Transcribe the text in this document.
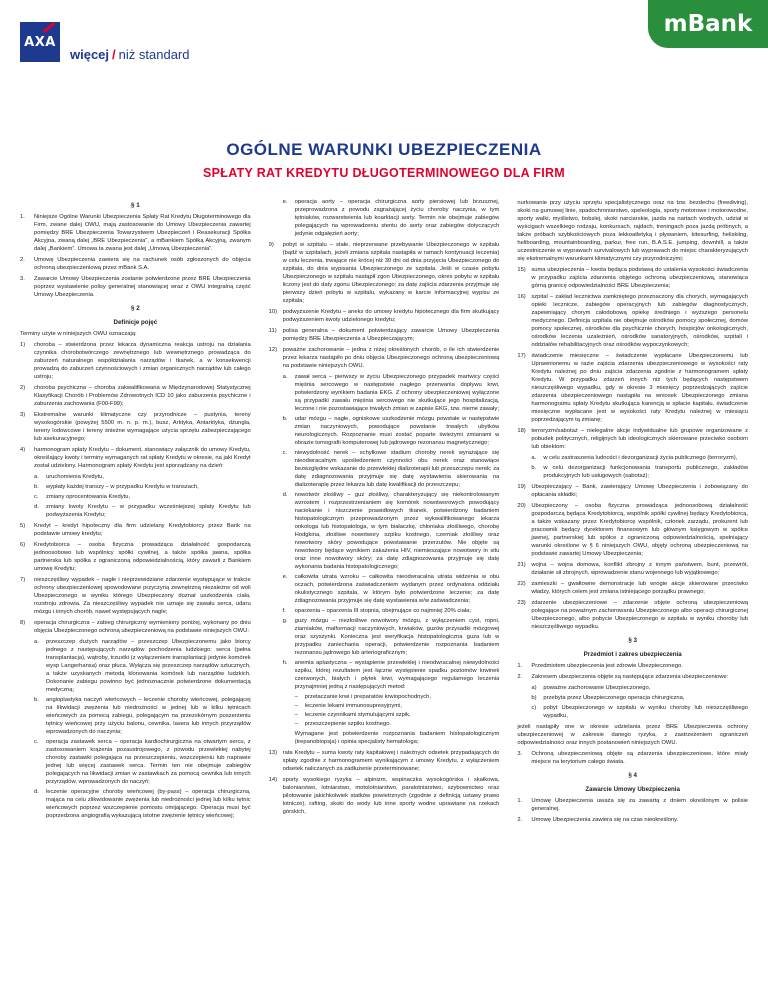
AXA
więcej / niż standard
mBank
OGÓLNE WARUNKI UBEZPIECZENIA
SPŁATY RAT KREDYTU DŁUGOTERMINOWEGO DLA FIRM
§ 1
1. Niniejsze Ogólne Warunki Ubezpieczenia Spłaty Rat Kredytu Długoterminowego dla Firm, zwane dalej OWU, mają zastosowanie do Umowy Ubezpieczenia zawartej pomiędzy BRE Ubezpieczenia Towarzystwem Ubezpieczeń i Reasekuracji Spółka Akcyjna, zwaną dalej „BRE Ubezpieczenia”, a mBankiem Spółką Akcyjną, zwanym dalej „Bankiem”. Umowa ta zwana jest dalej „Umową Ubezpieczenia”.
2. Umowę Ubezpieczenia zawiera się na rachunek osób zgłoszonych do objęcia ochroną ubezpieczeniową przez mBank S.A.
3. Zawarcie Umowy Ubezpieczenia zostanie potwierdzone przez BRE Ubezpieczenia poprzez wystawienie polisy generalnej stanowiącej wraz z OWU integralną część Umowy Ubezpieczenia.
§ 2
Definicje pojęć
Terminy użyte w niniejszych OWU oznaczają:
1) choroba – stwierdzona przez lekarza dynamiczna reakcja ustroju na działania czynnika chorobotwórczego zewnętrznego lub wewnętrznego prowadząca do zaburzeń naturalnego współdziałania narządów i tkanek, a w konsekwencji prowadzą do zaburzeń czynnościowych i zmian organicznych narządów lub całego ustroju;
2) choroba psychiczna – choroba zakwalifikowana w Międzynarodowej Statystycznej Klasyfikacji Chorób i Problemów Zdrowotnych ICD 10 jako zaburzenia psychiczne i zaburzenia zachowania (F00-F99);
3) Ekstremalne warunki klimatyczne czy przyrodnicze – pustynia, tereny wysokogórskie (powyżej 5500 m. n. p. m.), busz, Arktyka, Antarktyka, dżungla, tereny lodowcowe i tereny śnieżne wymagające użycia sprzętu zabezpieczającego lub asekuracyjnego;
4) harmonogram spłaty Kredytu – dokument, stanowiący załącznik do umowy Kredytu, określający kwoty i terminy wymaganych rat spłaty Kredytu w okresie, na jaki Kredyt został udzielony. Harmonogram spłaty Kredytu jest sporządzany na dzień:
a. uruchomienia Kredytu,
b. wypłaty każdej transzy – w przypadku Kredytu w transzach,
c. zmiany oprocentowania Kredytu,
d. zmiany kwoty Kredytu – w przypadku wcześniejszej spłaty Kredytu lub podwyższenia Kredytu;
5) Kredyt – kredyt hipoteczny dla firm udzielany Kredytobiorcy przez Bank na podstawie umowy kredytu;
6) Kredytobiorca – osoba fizyczna prowadząca działalność gospodarczą jednoosobowo lub wspólnicy spółki cywilnej, a także spółka jawna, spółka partnerska lub spółka z ograniczoną odpowiedzialnością, który zawarli z Bankiem umowę Kredytu;
7) nieszczęśliwy wypadek – nagłe i nieprzewidziane zdarzenie występujące w trakcie ochrony ubezpieczeniowej spowodowane przyczyną zewnętrzną niezależne od woli Ubezpieczonego w wyniku którego Ubezpieczony doznał uszkodzenia ciała, rozstroju zdrowia. Za nieszczęśliwy wypadek nie uznaje się zawału serca, udaru mózgu i innych chorób, nawet występujących nagle;
8) operacja chirurgiczna – zabieg chirurgiczny wymieniony poniżej, wykonany po dniu objęcia Ubezpieczonego ochroną ubezpieczeniową na podstawie niniejszych OWU:
a. przeszczep dużych narządów – przeszczep Ubezpieczonemu jako biorcy jednego z następujących narządów pochodzenia ludzkiego: serca (pełna transplantacja), wątroby, trzustki (z wyłączeniem transplantacji jedynie komórek wysp Langerhansa) oraz płuca. Wyłącza się przeszczep narządów sztucznych, a także uzyskanych metodą klonowania komórek lub narządów ludzkich. Dokonanie zabiegu powinno być jednoznacznie potwierdzone dokumentacją medyczną;
b. angioplastyka naczyń wieńcowych – leczenie choroby wieńcowej, polegającej na likwidacji zwężenia lub niedrożności w jednej lub w kilku tętnicach wieńcowych za pomocą zabiegu, polegającym na przezskórnym poszerzeniu tętnicy wieńcowej przy użyciu balonu, cewnika, lasera lub innych przyrządów wprowadzonych do naczynia;
c. operacja zastawek serca – operacja kardiochirurgiczna na otwartym sercu, z zastosowaniem krążenia pozaustrojowego, z powodu przewlekłej nabytej choroby zastawki polegająca na przeszczepieniu, wszczepieniu lub naprawie jednej lub więcej zastawek serca. Termin ten nie obejmuje zabiegów polegających na likwidacji zmian w zastawkach za pomocą cewnika lub innych przyrządów, wprowadzonych do naczyń;
d. leczenie operacyjne choroby wieńcowej (by-pass) – operacja chirurgiczna, mająca na celu zlikwidowanie zwężenia lub niedrożności jednej lub kilku tętnic wieńcowych poprzez wszczepienie pomostu omijającego. Operacja musi być poprzedzona angiografią wykazującą istotne zwężenie tętnicy wieńcowej;
e. operacja aorty – operacja chirurgiczna aorty piersiowej lub brzusznej, przeprowadzona z powodu zagrażającej życiu choroby naczynia, w tym tętniaków, rozwarstwienia lub koarktacji aorty. Termin nie obejmuje zabiegów polegających na wprowadzeniu stentu do aorty oraz zabiegów dotyczących jedynie odgałęzień aorty;
9) pobyt w szpitalu – stałe, nieprzerwane przebywanie Ubezpieczonego w szpitalu (bądź w szpitalach, jeżeli zmiana szpitala nastąpiła w ramach kontynuacji leczenia) w celu leczenia, trwające nie krócej niż 30 dni od dnia przyjęcia Ubezpieczonego do szpitala, do dnia wypisania Ubezpieczonego ze szpitala. Jeśli w czasie pobytu Ubezpieczonego w szpitalu nastąpił zgon Ubezpieczonego, okres pobytu w szpitalu liczony jest do daty zgonu Ubezpieczonego; za datę zajścia zdarzenia przyjmuje się pierwszy dzień pobytu w szpitalu, wykazany w karcie informacyjnej wypisu ze szpitala;
10) podwyższenie Kredytu – aneks do umowy kredytu hipotecznego dla firm skutkujący podwyższeniem kwoty udzielonego kredytu;
11) polisa generalna – dokument potwierdzający zawarcie Umowy Ubezpieczenia pomiędzy BRE Ubezpieczenia a Ubezpieczającym;
12) poważne zachorowanie – jedna z niżej określonych chorób, o ile ich stwierdzenie przez lekarza nastąpiło po dniu objęcia Ubezpieczonego ochroną ubezpieczeniową na podstawie niniejszych OWU.
a. zawał serca – pierwszy w życiu Ubezpieczonego przypadek martwicy części mięśnia sercowego w następstwie nagłego przerwania dopływu krwi, potwierdzony wynikiem badania EKG. Z ochrony ubezpieczeniowej wyłączone są przypadki zawału mięśnia sercowego nie skutkujące jego hospitalizacją, leczone i nie pozostawiające trwałych zmian w zapisie EKG, tzw. nieme zawały;
b. udar mózgu – nagłe, ogniskowe uszkodzenie mózgu powstałe w następstwie zmian naczyniowych, powodujące powstanie trwałych ubytków neurologicznych. Rozpoznanie musi zostać poparte świeżymi zmianami w obrazie tomografii komputerowej lub jądrowego rezonansu magnetycznego;
c. niewydolność nerek – schyłkowe stadium choroby nerek wyrażające się nieodwracalnym upośledzeniem czynności obu nerek oraz stanowiące bezwzględne wskazanie do przewlekłej dializoterapii lub przeszczepu nerek; za datę zdiagnozowania przyjmuje się datę wystawienia skierowania na dializoterapię przez lekarza lub datę kwalifikacji do przeszczepu;
d. nowotwór złośliwy – guz złośliwy, charakteryzujący się niekontrolowanym wzrostem i rozprzestrzenianiem się komórek nowotworowych powodujący naciekanie i niszczenie prawidłowych tkanek, potwierdzony badaniem histopatologicznym przeprowadzonym przez wykwalifikowanego lekarza onkologa lub histopatologa, w tym białaczkę, chłoniaka złośliwego, chorobę Hodgkina, złośliwe nowotwory szpiku kostnego, czerniak złośliwy oraz nowotwory skóry powodujące powstawanie przerzutów. Nie objęte są nowotwory będące wynikiem zakażenia HIV, niemieszające nowotwory in situ oraz inne nowotwory skóry; za datę zdiagnozowania przyjmuje się datę wykonania badania histopatologicznego;
e. całkowita utrata wzroku – całkowita nieodwracalna utrata widzenia w obu oczach, potwierdzona zaświadczeniem wydanym przez ordynatora oddziału okulistycznego szpitala, w którym było potwierdzone leczenie; za datę zdiagnozowania przyjmuje się datę wystawienia w/w zaświadczenia;
f. oparzenia – oparzenia III stopnia, obejmujące co najmniej 20% ciała;
g. guzy mózgu – niezłośliwe nowotwory mózgu, z wyłączeniem cyst, ropni, ziarniaków, malformacji naczyniowych, krwiaków, guzów przysadki mózgowej oraz szyszynki. Konieczna jest weryfikacja histopatologiczna guza lub w przypadku zaniechania operacji, potwierdzenie rozpoznania badaniem rezonansu jądrowego lub arteriograficznym;
h. anemia aplastyczna – wystąpienie przewlekłej i nieodwracalnej niewydolności szpiku, której rezultatem jest łączne występienie spadku poziomów krwinek czerwonych, białych i płytek krwi, wymagającego regularnego leczenia przynajmniej jedną z następujących metod:
– przetaczanie krwi i preparatów krwiopochodnych,
– leczenie lekami immunosupresyjnymi,
– leczenie czynnikami stymulującymi szpik,
– przeszczepienie szpiku kostnego.
Wymagane jest potwierdzenie rozpoznania badaniem histopatologicznym (trepanobiopsja) i opinia specjalisty hematologa;
13) rata Kredytu – suma kwoty raty kapitałowej i należnych odsetek przypadających do spłaty zgodnie z harmonogramem wynikającym z umowy Kredytu, z wyłączeniem odsetek naliczanych za zadłużenie przeterminowane;
14) sporty wysokiego ryzyka – alpinizm, wspinaczka wysokogórska i skałkowa, baloniarstwo, lotniarstwo, motolotniarstwo, paralotniarstwo, szybownictwo oraz pilotowanie jakichkolwiek statków powietrznych (zgodnie z definicją ustawy prawo lotnicze), rafting, skoki do wody lub inne sporty wodne uprawiane na rzekach górskich,
nurkowanie przy użyciu sprzętu specjalistycznego oraz na tzw. bezdechu (freediving), skoki na gumowej linie, spadochroniarstwo, speleologia, sporty motorowe i motorowodne, sporty walki, myślistwo, bobslej, skoki narciarskie, jazda na nartach wodnych, udział w wyścigach wszelkiego rodzaju, konkursach, rajdach, treningach poza jazdą próbnych, a także próbach szybkościowych poza lekkoatletyką i pływaniem, kitesurfing, heliskiing, heliboarding, mountainboarding, parkur, free run, B.A.S.E. jumping, downhill, a także uczestniczenie w wyprawach survivalowych lub wyprawach do miejsc charakteryzujących się ekstremalnymi warunkami klimatycznymi czy przyrodniczymi;
15) suma ubezpieczenia – kwota będąca podstawą do ustalenia wysokości świadczenia w przypadku zajścia zdarzenia objętego ochroną ubezpieczeniową, stanowiąca górną granicę odpowiedzialności BRE Ubezpieczenia;
16) szpital – zakład lecznictwa zamkniętego przeznaczony dla chorych, wymagających opieki lecznicze, zabiegów operacyjnych lub zabiegów diagnostycznych, zapewniający chorym całodobową opiekę średniego i wyższego personelu medycznego. Definicja szpitala nie obejmuje ośrodków pomocy społecznej, domów pomocy społecznej, ośrodków dla psychicznie chorych, hospicjów onkologicznych, ośrodków leczenia uzależnień, ośrodków sanatoryjnych, ośrodków, szpitali i oddziałów rehabilitacyjnych oraz ośrodków wypoczynkowych;
17) świadczenie miesięczne – świadczenie wypłacane Ubezpieczonemu lub Uprawnionemu w razie zajścia zdarzenia ubezpieczeniowego w wysokości raty Kredytu należnej po dniu zajścia zdarzenia zgodnie z harmonogramem spłaty Kredytu. W przypadku zdarzeń innych niż tych będących następstwem nieszczęśliwego wypadku, gdy w okresie 3 miesięcy poprzedzających zajście zdarzenia ubezpieczeniowego nastąpiła na wniosek Ubezpieczonego zmiana harmonogramu spłaty Kredytu skutkująca karencją w spłacie kapitału, świadczenie miesięczne wypłacane jest w wysokości raty Kredytu należnej w miesiącu poprzedzającym tą zmianę;
18) terroryzm/sabotaż – nielegalne akcje indywidualne lub grupowe organizowane z pobudek politycznych, religijnych lub ideologicznych skierowane przeciwko osobom lub obiektom:
a. w celu zastraszenia ludności i dezorganizacji życia publicznego (terroryzm),
b. w celu dezorganizacji funkcjonowania transportu publicznego, zakładów produkcyjnych lub usługowych (sabotaż);
19) Ubezpieczający – Bank, zawierający Umowę Ubezpieczenia i zobowiązany do opłacania składki;
20) Ubezpieczony – osoba fizyczna prowadząca jednoosobową działalność gospodarczą będąca Kredytobiorcą, wspólnik spółki cywilnej będący Kredytobiorcą, a także wskazany przez Kredytobiorcę wspólnik, członek zarządu, prokurent lub pracownik będący dyrektorem finansowym lub głównym księgowym w spółce jawnej, partnerskiej lub spółce z ograniczoną odpowiedzialnością, spełniający warunki określone w § 6 niniejszych OWU, objęty ochroną ubezpieczeniową na podstawie zawartej Umowy Ubezpieczenia;
21) wojna – wojna domowa, konflikt zbrojny z innym państwem, bunt, przewrót, działanie sił zbrojnych, wprowadzenie stanu wojennego lub wyjątkowego;
22) zamieszki – gwałtowne demonstracje lub wrogie akcje skierowane przeciwko władzy, których celem jest zmiana istniejącego porządku prawnego;
23) zdarzenie ubezpieczeniowe – zdarzenie objęte ochroną ubezpieczeniową polegające na poważnym zachorowaniu Ubezpieczonego albo operacji chirurgicznej Ubezpieczonego, albo pobycie Ubezpieczonego w szpitalu w wyniku choroby lub nieszczęśliwego wypadku.
§ 3
Przedmiot i zakres ubezpieczenia
1. Przedmiotem ubezpieczenia jest zdrowie Ubezpieczonego.
2. Zakresem ubezpieczenia objęte są następujące zdarzenia ubezpieczeniowe:
a) poważne zachorowanie Ubezpieczonego,
b) przebyta przez Ubezpieczonego operacja chirurgiczna,
c) pobyt Ubezpieczonego w szpitalu w wyniku choroby lub nieszczęśliwego wypadku,
jeżeli nastąpiły one w okresie udzielania przez BRE Ubezpieczenia ochrony ubezpieczeniowej w zakresie danego ryzyka, z zastrzeżeniem ograniczeń odpowiedzialności oraz innych postanowień niniejszych OWU.
3. Ochroną ubezpieczeniową objęte są zdarzenia ubezpieczeniowe, które miały miejsce na terytorium całego świata.
§ 4
Zawarcie Umowy Ubezpieczenia
1. Umowę Ubezpieczenia uważa się za zawartą z dniem określonym w polisie generalnej.
2. Umowę Ubezpieczenia zawiera się na czas nieokreślony.
